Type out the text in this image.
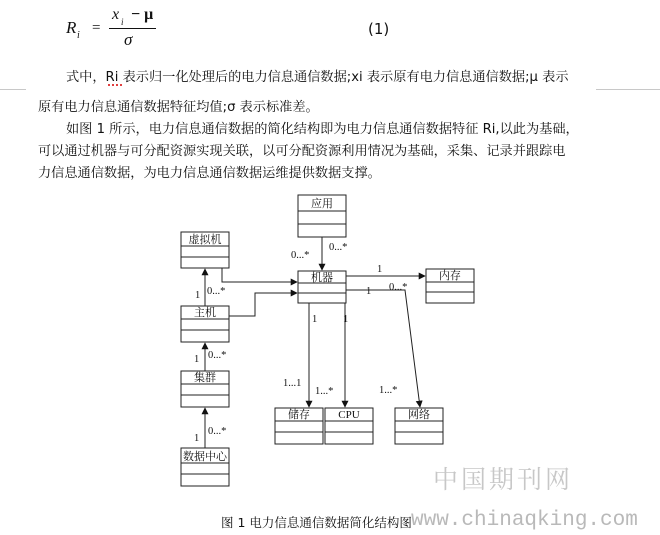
R i =
x i − μ
σ
(1)
式中，Ri 表示归一化处理后的电力信息通信数据;xi 表示原有电力信息通信数据;μ 表示
原有电力信息通信数据特征均值;σ 表示标准差。
如图 1 所示，电力信息通信数据的简化结构即为电力信息通信数据特征 Ri,以此为基础，
可以通过机器与可分配资源实现关联，以可分配资源利用情况为基础，采集、记录并跟踪电
力信息通信数据，为电力信息通信数据运维提供数据支撑。
应用
虚拟机
机器	内存
主机
集群
数据中心
储存	CPU	网络
0...*
0...*
1 0...*
1
0...*
1
1 1
1...1
1...*	1...*
0...*
1
0...*
1
中国期刊网
www.chinaqking.com
图 1 电力信息通信数据简化结构图
